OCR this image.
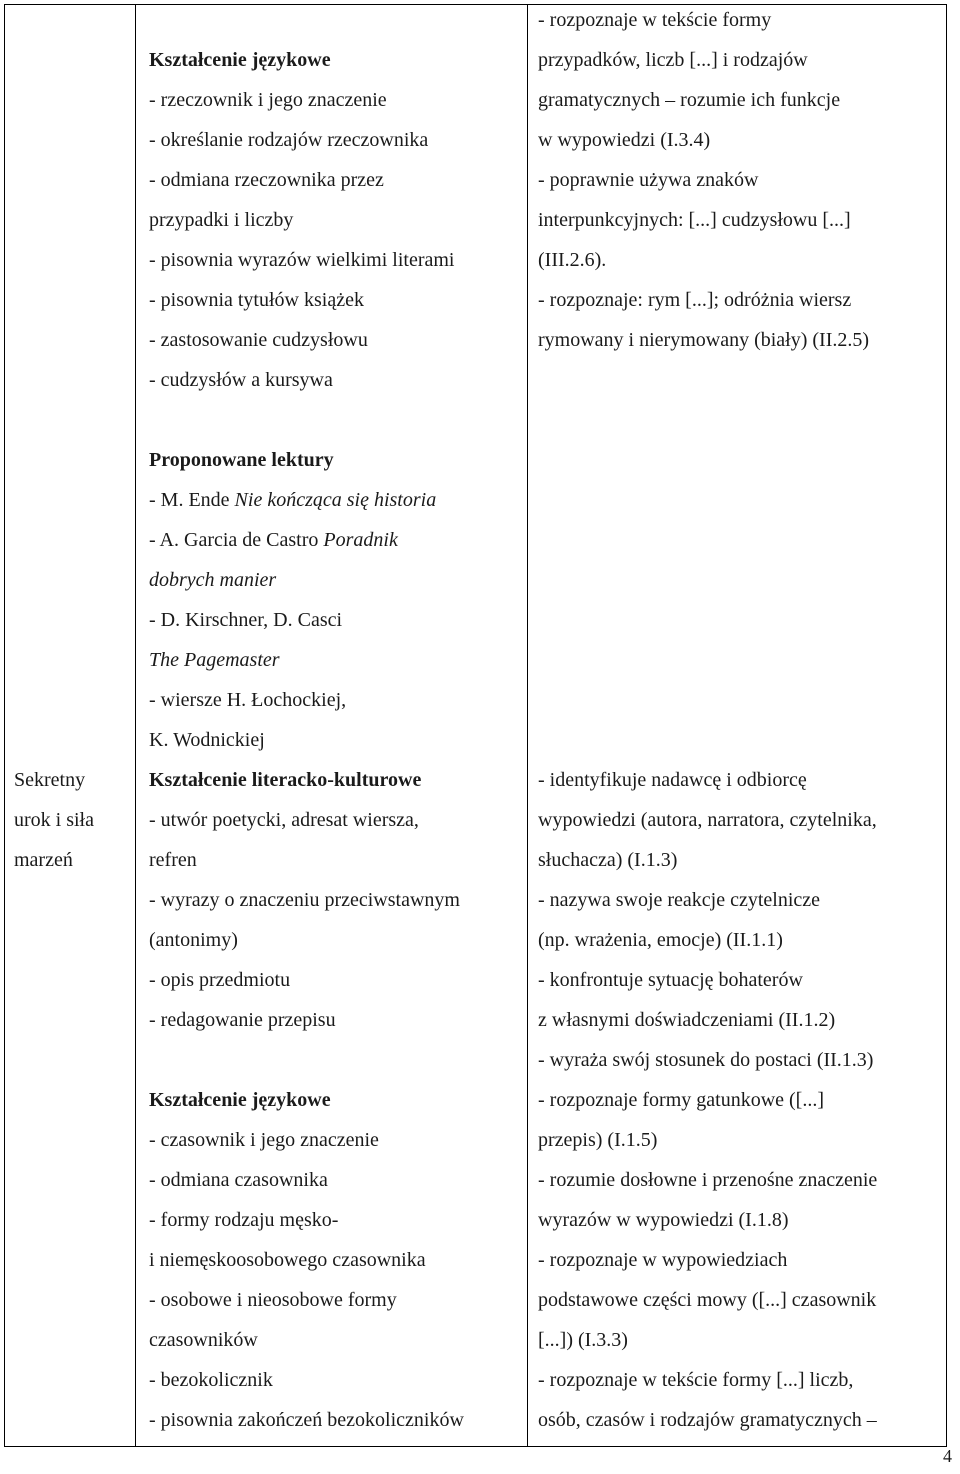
Sekretny
urok i siła
marzeń
Kształcenie językowe
- rzeczownik i jego znaczenie
- określanie rodzajów rzeczownika
- odmiana rzeczownika przez
przypadki i liczby
- pisownia wyrazów wielkimi literami
- pisownia tytułów książek
- zastosowanie cudzysłowu
- cudzysłów a kursywa
Proponowane lektury
- M. Ende Nie kończąca się historia
- A. Garcia de Castro Poradnik
dobrych manier
- D. Kirschner, D. Casci
The Pagemaster
- wiersze H. Łochockiej,
K. Wodnickiej
Kształcenie literacko-kulturowe
- utwór poetycki, adresat wiersza,
refren
- wyrazy o znaczeniu przeciwstawnym
(antonimy)
- opis przedmiotu
- redagowanie przepisu
Kształcenie językowe
- czasownik i jego znaczenie
- odmiana czasownika
- formy rodzaju męsko-
i niemęskoosobowego czasownika
- osobowe i nieosobowe formy
czasowników
- bezokolicznik
- pisownia zakończeń bezokoliczników
- rozpoznaje w tekście formy
przypadków, liczb [...] i rodzajów
gramatycznych – rozumie ich funkcje
w wypowiedzi (I.3.4)
- poprawnie używa znaków
interpunkcyjnych: [...] cudzysłowu [...]
(III.2.6).
- rozpoznaje: rym [...]; odróżnia wiersz
rymowany i nierymowany (biały) (II.2.5)
- identyfikuje nadawcę i odbiorcę
wypowiedzi (autora, narratora, czytelnika,
słuchacza) (I.1.3)
- nazywa swoje reakcje czytelnicze
(np. wrażenia, emocje) (II.1.1)
- konfrontuje sytuację bohaterów
z własnymi doświadczeniami (II.1.2)
- wyraża swój stosunek do postaci (II.1.3)
- rozpoznaje formy gatunkowe ([...]
przepis) (I.1.5)
- rozumie dosłowne i przenośne znaczenie
wyrazów w wypowiedzi (I.1.8)
- rozpoznaje w wypowiedziach
podstawowe części mowy ([...] czasownik
[...]) (I.3.3)
- rozpoznaje w tekście formy [...] liczb,
osób, czasów i rodzajów gramatycznych –
4
